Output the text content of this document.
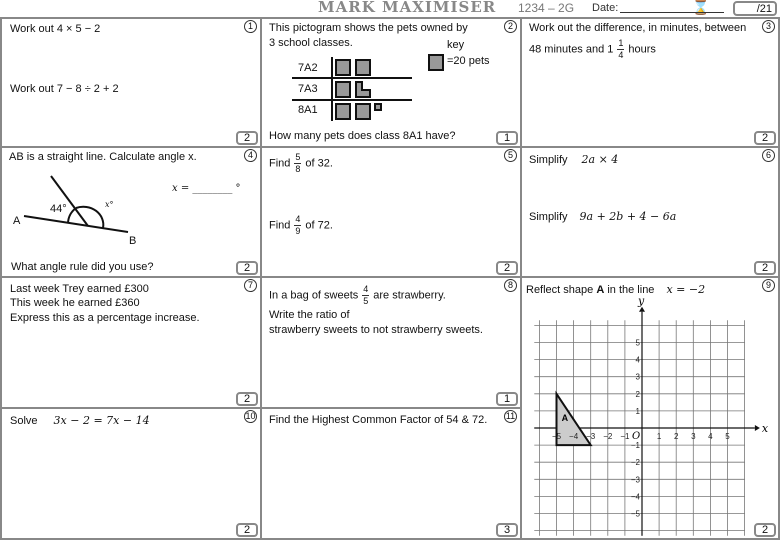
MARK MAXIMISER	⌛
1234 – 2G Date:	/21
1
Work out 4 × 5 − 2
Work out 7 − 8 ÷ 2 + 2
2
2
This pictogram shows the pets owned by
3 school classes.	key
=20 pets
7A2
7A3
8A1
How many pets does class 8A1 have?	1
3
Work out the difference, in minutes, between
48 minutes and $1 \frac{1}{4}$ hours
2
4
AB is a straight line. Calculate angle x.
x = ________ °
44°	x°
A
B
What angle rule did you use?	2
5
Find $\frac{5}{8}$ of 32.
Find $\frac{4}{9}$ of 72.
2
6
Simplify 2a × 4
Simplify 9a + 2b + 4 − 6a
2
7
Last week Trey earned £300
This week he earned £360
Express this as a percentage increase.
2
8
In a bag of sweets $\frac{4}{5}$ are strawberry.
Write the ratio of
strawberry sweets to not strawberry sweets.
1
9
Reflect shape A in the line x = −2
A
x
y
O
−5 −4 −3 −2 −1	1 2 3 4 5
5
4
3
2
1
−1
−2
−3
−4
−5
2
10
Solve 3x − 2 = 7x − 14
2
11
Find the Highest Common Factor of 54 & 72.
3
